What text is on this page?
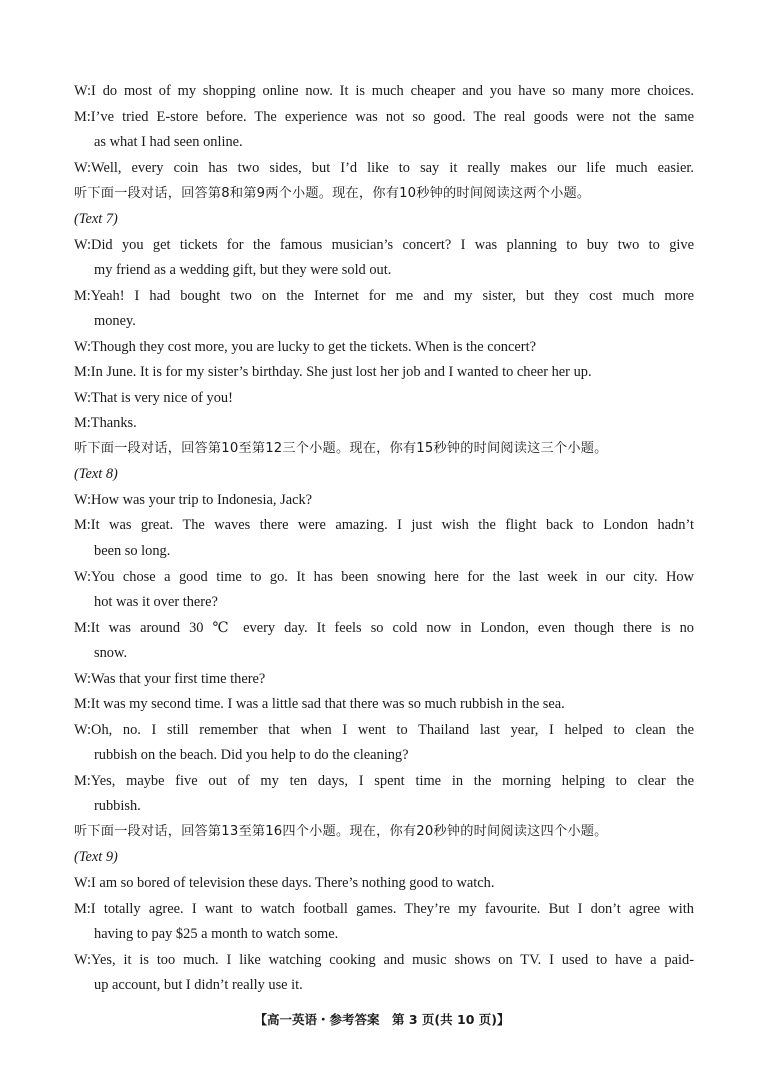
W:I do most of my shopping online now. It is much cheaper and you have so many more choices.
M:I’ve tried E-store before. The experience was not so good. The real goods were not the same
as what I had seen online.
W:Well, every coin has two sides, but I’d like to say it really makes our life much easier.
听下面一段对话，回答第8和第9两个小题。现在，你有10秒钟的时间阅读这两个小题。
(Text 7)
W:Did you get tickets for the famous musician’s concert? I was planning to buy two to give
my friend as a wedding gift, but they were sold out.
M:Yeah! I had bought two on the Internet for me and my sister, but they cost much more
money.
W:Though they cost more, you are lucky to get the tickets. When is the concert?
M:In June. It is for my sister’s birthday. She just lost her job and I wanted to cheer her up.
W:That is very nice of you!
M:Thanks.
听下面一段对话，回答第10至第12三个小题。现在，你有15秒钟的时间阅读这三个小题。
(Text 8)
W:How was your trip to Indonesia, Jack?
M:It was great. The waves there were amazing. I just wish the flight back to London hadn’t
been so long.
W:You chose a good time to go. It has been snowing here for the last week in our city. How
hot was it over there?
M:It was around 30 ℃ every day. It feels so cold now in London, even though there is no
snow.
W:Was that your first time there?
M:It was my second time. I was a little sad that there was so much rubbish in the sea.
W:Oh, no. I still remember that when I went to Thailand last year, I helped to clean the
rubbish on the beach. Did you help to do the cleaning?
M:Yes, maybe five out of my ten days, I spent time in the morning helping to clear the
rubbish.
听下面一段对话，回答第13至第16四个小题。现在，你有20秒钟的时间阅读这四个小题。
(Text 9)
W:I am so bored of television these days. There’s nothing good to watch.
M:I totally agree. I want to watch football games. They’re my favourite. But I don’t agree with
having to pay $25 a month to watch some.
W:Yes, it is too much. I like watching cooking and music shows on TV. I used to have a paid-
up account, but I didn’t really use it.
【高一英语・参考答案　第 3 页(共 10 页)】
